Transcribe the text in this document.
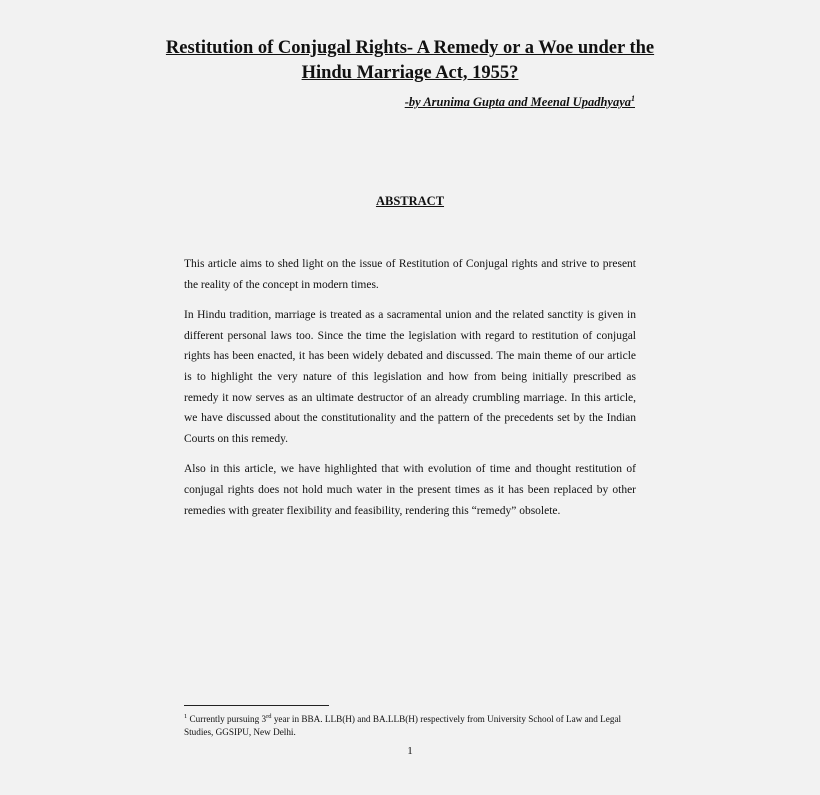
Restitution of Conjugal Rights- A Remedy or a Woe under the Hindu Marriage Act, 1955?
-by Arunima Gupta and Meenal Upadhyaya$^1$
ABSTRACT

This article aims to shed light on the issue of Restitution of Conjugal rights and strive to present the reality of the concept in modern times.

In Hindu tradition, marriage is treated as a sacramental union and the related sanctity is given in different personal laws too. Since the time the legislation with regard to restitution of conjugal rights has been enacted, it has been widely debated and discussed. The main theme of our article is to highlight the very nature of this legislation and how from being initially prescribed as remedy it now serves as an ultimate destructor of an already crumbling marriage. In this article, we have discussed about the constitutionality and the pattern of the precedents set by the Indian Courts on this remedy.

Also in this article, we have highlighted that with evolution of time and thought restitution of conjugal rights does not hold much water in the present times as it has been replaced by other remedies with greater flexibility and feasibility, rendering this “remedy” obsolete.

$^1$ Currently pursuing 3rd year in BBA. LLB(H) and BA.LLB(H) respectively from University School of Law and Legal Studies, GGSIPU, New Delhi.

1
